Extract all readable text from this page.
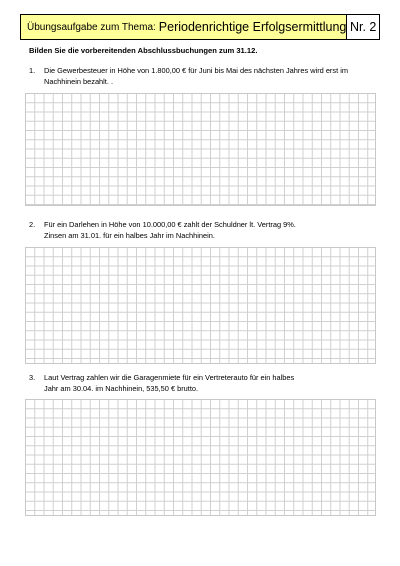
Übungsaufgabe zum Thema: Periodenrichtige Erfolgsermittlung Nr. 2
Bilden Sie die vorbereitenden Abschlussbuchungen zum 31.12.
1. Die Gewerbesteuer in Höhe von 1.800,00 € für Juni bis Mai des nächsten Jahres wird erst im
Nachhinein bezahlt. .
2. Für ein Darlehen in Höhe von 10.000,00 € zahlt der Schuldner lt. Vertrag 9%.
Zinsen am 31.01. für ein halbes Jahr im Nachhinein.
3. Laut Vertrag zahlen wir die Garagenmiete für ein Vertreterauto für ein halbes
Jahr am 30.04. im Nachhinein, 535,50 € brutto.
